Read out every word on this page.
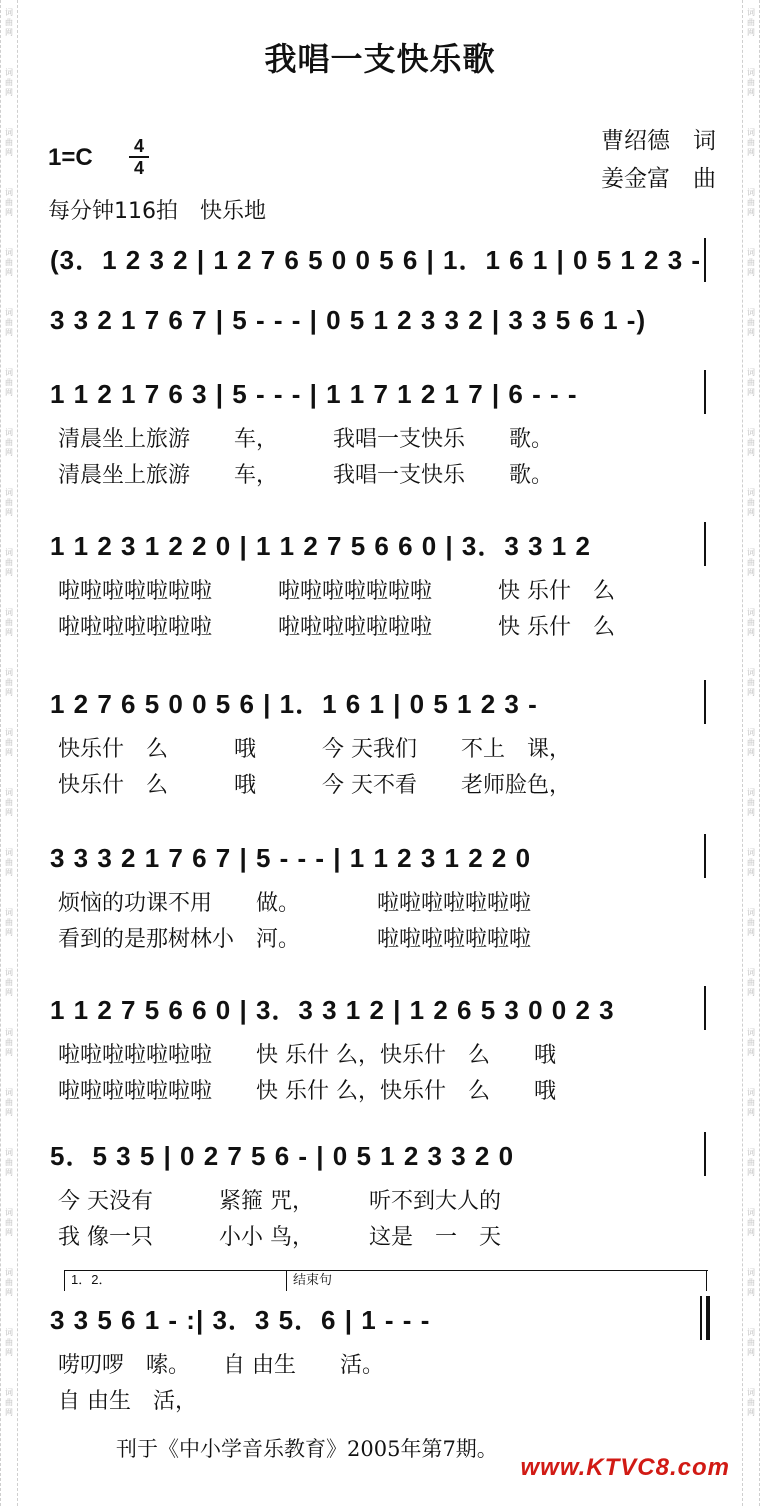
词
曲
网
词
曲
网
词
曲
网
词
曲
网
词
曲
网
词
曲
网
词
曲
网
词
曲
网
词
曲
网
词
曲
网
词
曲
网
词
曲
网
词
曲
网
词
曲
网
词
曲
网
词
曲
网
词
曲
网
词
曲
网
词
曲
网
词
曲
网
词
曲
网
词
曲
网
词
曲
网
词
曲
网
词
曲
网
词
曲
网
词
曲
网
词
曲
网
词
曲
网
词
曲
网
词
曲
网
词
曲
网
词
曲
网
词
曲
网
词
曲
网
词
曲
网
词
曲
网
词
曲
网
词
曲
网
词
曲
网
词
曲
网
词
曲
网
词
曲
网
词
曲
网
词
曲
网
词
曲
网
词
曲
网
词
曲
网
我唱一支快乐歌
1=C 4
4
曹绍德　词
姜金富　曲
每分钟116拍　快乐地
(3．1 2 3 2 | 1 2 7 6 5 0 0 5 6 | 1．1 6 1 | 0 5 1 2 3 -
3 3 2 1 7 6 7 | 5 - - - | 0 5 1 2 3 3 2 | 3 3 5 6 1 -)
1 1 2 1 7 6 3 | 5 - - - | 1 1 7 1 2 1 7 | 6 - - -
1 1 2 3 1 2 2 0 | 1 1 2 7 5 6 6 0 | 3．3 3 1 2
1 2 7 6 5 0 0 5 6 | 1．1 6 1 | 0 5 1 2 3 -
3 3 3 2 1 7 6 7 | 5 - - - | 1 1 2 3 1 2 2 0
1 1 2 7 5 6 6 0 | 3．3 3 1 2 | 1 2 6 5 3 0 0 2 3
5．5 3 5 | 0 2 7 5 6 - | 0 5 1 2 3 3 2 0
3 3 5 6 1 - :| 3．3 5．6 | 1 - - -
清晨坐上旅游　　车，　　　我唱一支快乐　　歌。
清晨坐上旅游　　车，　　　我唱一支快乐　　歌。
啦啦啦啦啦啦啦　　　啦啦啦啦啦啦啦　　　快 乐什　么
啦啦啦啦啦啦啦　　　啦啦啦啦啦啦啦　　　快 乐什　么
快乐什　么　　　哦　　　今 天我们　　不上　课，
快乐什　么　　　哦　　　今 天不看　　老师脸色，
烦恼的功课不用　　做。　　　　啦啦啦啦啦啦啦
看到的是那树林小　河。　　　　啦啦啦啦啦啦啦
啦啦啦啦啦啦啦　　快 乐什 么，快乐什　么　　哦
啦啦啦啦啦啦啦　　快 乐什 么，快乐什　么　　哦
今 天没有　　　紧箍 咒，　　　听不到大人的
我 像一只　　　小小 鸟，　　　这是　一　天
唠叨啰　嗦。　　自 由生　　活。
自 由生　活，
1．2．	结束句
刊于《中小学音乐教育》2005年第7期。
www.KTVC8.com
